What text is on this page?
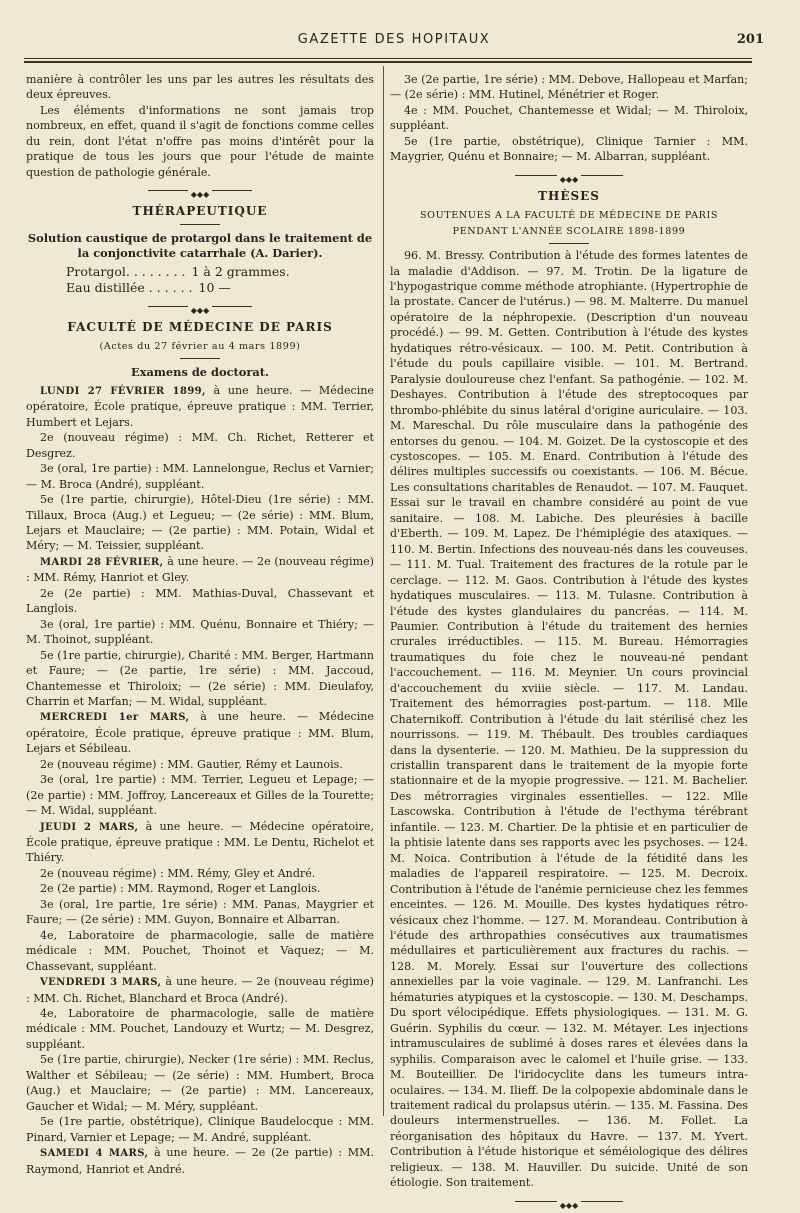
GAZETTE DES HOPITAUX	201

manière à contrôler les uns par les autres les résultats des deux épreuves.

Les éléments d'informations ne sont jamais trop nombreux, en effet, quand il s'agit de fonctions comme celles du rein, dont l'état n'offre pas moins d'intérêt pour la pratique de tous les jours que pour l'étude de mainte question de pathologie générale.

◆◆◆
THÉRAPEUTIQUE
Solution caustique de protargol dans le traitement de la conjonctivite catarrhale (A. Darier).
Protargol. . . . . . . . 1 à 2 grammes.
Eau distillée . . . . . . 10 —
◆◆◆
FACULTÉ DE MÉDECINE DE PARIS
(Actes du 27 février au 4 mars 1899)
Examens de doctorat.

LUNDI 27 FÉVRIER 1899, à une heure. — Médecine opératoire, École pratique, épreuve pratique : MM. Terrier, Humbert et Lejars.

2e (nouveau régime) : MM. Ch. Richet, Retterer et Desgrez.

3e (oral, 1re partie) : MM. Lannelongue, Reclus et Varnier; — M. Broca (André), suppléant.

5e (1re partie, chirurgie), Hôtel-Dieu (1re série) : MM. Tillaux, Broca (Aug.) et Legueu; — (2e série) : MM. Blum, Lejars et Mauclaire; — (2e partie) : MM. Potain, Widal et Méry; — M. Teissier, suppléant.

MARDI 28 FÉVRIER, à une heure. — 2e (nouveau régime) : MM. Rémy, Hanriot et Gley.

2e (2e partie) : MM. Mathias-Duval, Chassevant et Langlois.

3e (oral, 1re partie) : MM. Quénu, Bonnaire et Thiéry; — M. Thoinot, suppléant.

5e (1re partie, chirurgie), Charité : MM. Berger, Hartmann et Faure; — (2e partie, 1re série) : MM. Jaccoud, Chantemesse et Thiroloix; — (2e série) : MM. Dieulafoy, Charrin et Marfan; — M. Widal, suppléant.

MERCREDI 1er MARS, à une heure. — Médecine opératoire, École pratique, épreuve pratique : MM. Blum, Lejars et Sébileau.

2e (nouveau régime) : MM. Gautier, Rémy et Launois.

3e (oral, 1re partie) : MM. Terrier, Legueu et Lepage; — (2e partie) : MM. Joffroy, Lancereaux et Gilles de la Tourette; — M. Widal, suppléant.

JEUDI 2 MARS, à une heure. — Médecine opératoire, École pratique, épreuve pratique : MM. Le Dentu, Richelot et Thiéry.

2e (nouveau régime) : MM. Rémy, Gley et André.

2e (2e partie) : MM. Raymond, Roger et Langlois.

3e (oral, 1re partie, 1re série) : MM. Panas, Maygrier et Faure; — (2e série) : MM. Guyon, Bonnaire et Albarran.

4e, Laboratoire de pharmacologie, salle de matière médicale : MM. Pouchet, Thoinot et Vaquez; — M. Chassevant, suppléant.

VENDREDI 3 MARS, à une heure. — 2e (nouveau régime) : MM. Ch. Richet, Blanchard et Broca (André).

4e, Laboratoire de pharmacologie, salle de matière médicale : MM. Pouchet, Landouzy et Wurtz; — M. Desgrez, suppléant.

5e (1re partie, chirurgie), Necker (1re série) : MM. Reclus, Walther et Sébileau; — (2e série) : MM. Humbert, Broca (Aug.) et Mauclaire; — (2e partie) : MM. Lancereaux, Gaucher et Widal; — M. Méry, suppléant.

5e (1re partie, obstétrique), Clinique Baudelocque : MM. Pinard, Varnier et Lepage; — M. André, suppléant.

SAMEDI 4 MARS, à une heure. — 2e (2e partie) : MM. Raymond, Hanriot et André.

3e (2e partie, 1re série) : MM. Debove, Hallopeau et Marfan; — (2e série) : MM. Hutinel, Ménétrier et Roger.

4e : MM. Pouchet, Chantemesse et Widal; — M. Thiroloix, suppléant.

5e (1re partie, obstétrique), Clinique Tarnier : MM. Maygrier, Quénu et Bonnaire; — M. Albarran, suppléant.

◆◆◆
THÈSES
SOUTENUES A LA FACULTÉ DE MÉDECINE DE PARIS
PENDANT L'ANNÉE SCOLAIRE 1898-1899

96. M. Bressy. Contribution à l'étude des formes latentes de la maladie d'Addison. — 97. M. Trotin. De la ligature de l'hypogastrique comme méthode atrophiante. (Hypertrophie de la prostate. Cancer de l'utérus.) — 98. M. Malterre. Du manuel opératoire de la néphropexie. (Description d'un nouveau procédé.) — 99. M. Getten. Contribution à l'étude des kystes hydatiques rétro-vésicaux. — 100. M. Petit. Contribution à l'étude du pouls capillaire visible. — 101. M. Bertrand. Paralysie douloureuse chez l'enfant. Sa pathogénie. — 102. M. Deshayes. Contribution à l'étude des streptocoques par thrombo-phlébite du sinus latéral d'origine auriculaire. — 103. M. Mareschal. Du rôle musculaire dans la pathogénie des entorses du genou. — 104. M. Goizet. De la cystoscopie et des cystoscopes. — 105. M. Enard. Contribution à l'étude des délires multiples successifs ou coexistants. — 106. M. Bécue. Les consultations charitables de Renaudot. — 107. M. Fauquet. Essai sur le travail en chambre considéré au point de vue sanitaire. — 108. M. Labiche. Des pleurésies à bacille d'Eberth. — 109. M. Lapez. De l'hémiplégie des ataxiques. — 110. M. Bertin. Infections des nouveau-nés dans les couveuses. — 111. M. Tual. Traitement des fractures de la rotule par le cerclage. — 112. M. Gaos. Contribution à l'étude des kystes hydatiques musculaires. — 113. M. Tulasne. Contribution à l'étude des kystes glandulaires du pancréas. — 114. M. Paumier. Contribution à l'étude du traitement des hernies crurales irréductibles. — 115. M. Bureau. Hémorragies traumatiques du foie chez le nouveau-né pendant l'accouchement. — 116. M. Meynier. Un cours provincial d'accouchement du xviiie siècle. — 117. M. Landau. Traitement des hémorragies post-partum. — 118. Mlle Chaternikoff. Contribution à l'étude du lait stérilisé chez les nourrissons. — 119. M. Thébault. Des troubles cardiaques dans la dysenterie. — 120. M. Mathieu. De la suppression du cristallin transparent dans le traitement de la myopie forte stationnaire et de la myopie progressive. — 121. M. Bachelier. Des métrorragies virginales essentielles. — 122. Mlle Lascowska. Contribution à l'étude de l'ecthyma térébrant infantile. — 123. M. Chartier. De la phtisie et en particulier de la phtisie latente dans ses rapports avec les psychoses. — 124. M. Noica. Contribution à l'étude de la fétidité dans les maladies de l'appareil respiratoire. — 125. M. Decroix. Contribution à l'étude de l'anémie pernicieuse chez les femmes enceintes. — 126. M. Mouille. Des kystes hydatiques rétro-vésicaux chez l'homme. — 127. M. Morandeau. Contribution à l'étude des arthropathies consécutives aux traumatismes médullaires et particulièrement aux fractures du rachis. — 128. M. Morely. Essai sur l'ouverture des collections annexielles par la voie vaginale. — 129. M. Lanfranchi. Les hématuries atypiques et la cystoscopie. — 130. M. Deschamps. Du sport vélocipédique. Effets physiologiques. — 131. M. G. Guérin. Syphilis du cœur. — 132. M. Métayer. Les injections intramusculaires de sublimé à doses rares et élevées dans la syphilis. Comparaison avec le calomel et l'huile grise. — 133. M. Bouteillier. De l'iridocyclite dans les tumeurs intra-oculaires. — 134. M. Ilieff. De la colpopexie abdominale dans le traitement radical du prolapsus utérin. — 135. M. Fassina. Des douleurs intermenstruelles. — 136. M. Follet. La réorganisation des hôpitaux du Havre. — 137. M. Yvert. Contribution à l'étude historique et séméiologique des délires religieux. — 138. M. Hauviller. Du suicide. Unité de son étiologie. Son traitement.

◆◆◆
